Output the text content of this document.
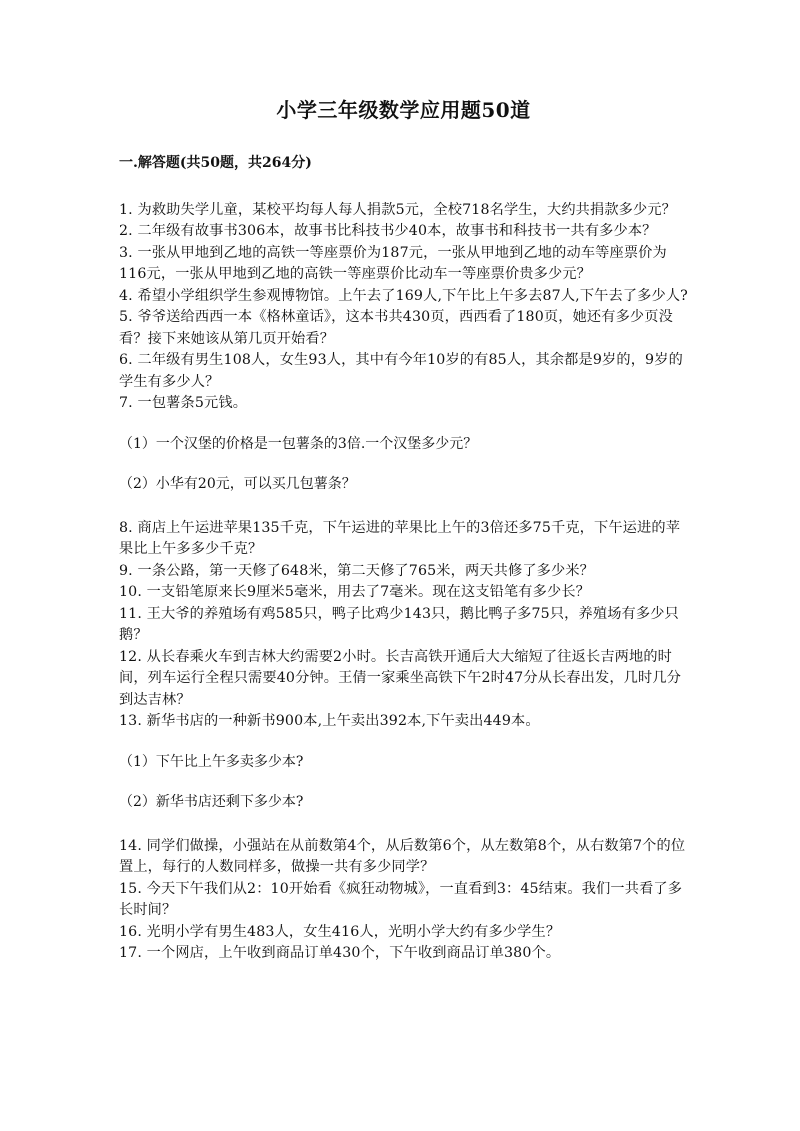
小学三年级数学应用题50道
一.解答题(共50题，共264分)
1. 为救助失学儿童，某校平均每人每人捐款5元，全校718名学生，大约共捐款多少元？
2. 二年级有故事书306本，故事书比科技书少40本，故事书和科技书一共有多少本？
3. 一张从甲地到乙地的高铁一等座票价为187元，一张从甲地到乙地的动车等座票价为116元，一张从甲地到乙地的高铁一等座票价比动车一等座票价贵多少元？
4. 希望小学组织学生参观博物馆。上午去了169人,下午比上午多去87人,下午去了多少人?
5. 爷爷送给西西一本《格林童话》，这本书共430页，西西看了180页，她还有多少页没看？接下来她该从第几页开始看？
6. 二年级有男生108人，女生93人，其中有今年10岁的有85人，其余都是9岁的，9岁的学生有多少人？
7. 一包薯条5元钱。
（1）一个汉堡的价格是一包薯条的3倍.一个汉堡多少元？
（2）小华有20元，可以买几包薯条？
8. 商店上午运进苹果135千克，下午运进的苹果比上午的3倍还多75千克，下午运进的苹果比上午多多少千克？
9. 一条公路，第一天修了648米，第二天修了765米，两天共修了多少米？
10. 一支铅笔原来长9厘米5毫米，用去了7毫米。现在这支铅笔有多少长？
11. 王大爷的养殖场有鸡585只，鸭子比鸡少143只，鹅比鸭子多75只，养殖场有多少只鹅？
12. 从长春乘火车到吉林大约需要2小时。长吉高铁开通后大大缩短了往返长吉两地的时间，列车运行全程只需要40分钟。王倩一家乘坐高铁下午2时47分从长春出发，几时几分到达吉林？
13. 新华书店的一种新书900本,上午卖出392本,下午卖出449本。
（1）下午比上午多卖多少本?
（2）新华书店还剩下多少本?
14. 同学们做操，小强站在从前数第4个，从后数第6个，从左数第8个，从右数第7个的位置上，每行的人数同样多，做操一共有多少同学？
15. 今天下午我们从2：10开始看《疯狂动物城》，一直看到3：45结束。我们一共看了多长时间？
16. 光明小学有男生483人，女生416人，光明小学大约有多少学生？
17. 一个网店，上午收到商品订单430个，下午收到商品订单380个。
